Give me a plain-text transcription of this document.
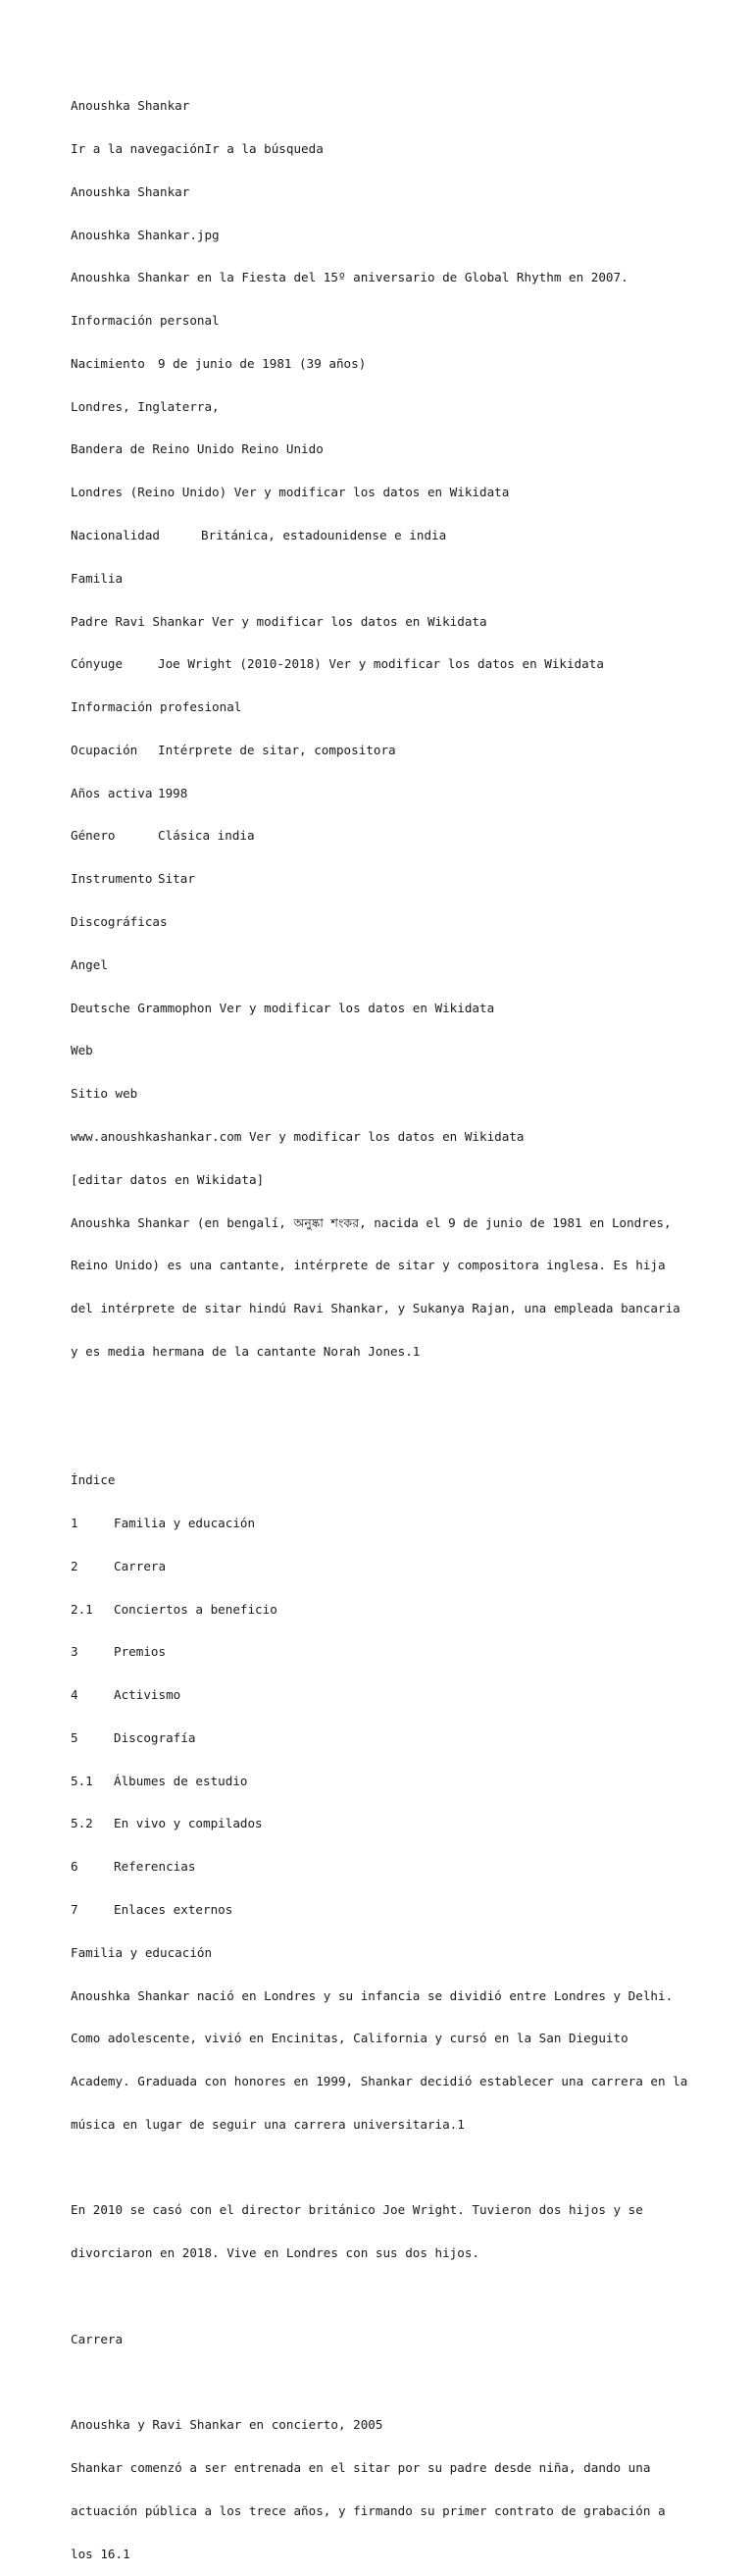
Anoushka Shankar

Ir a la navegaciónIr a la búsqueda

Anoushka Shankar

Anoushka Shankar.jpg

Anoushka Shankar en la Fiesta del 15º aniversario de Global Rhythm en 2007.

Información personal

Nacimiento 9 de junio de 1981 (39 años)

Londres, Inglaterra,

Bandera de Reino Unido Reino Unido

Londres (Reino Unido) Ver y modificar los datos en Wikidata

Nacionalidad	Británica, estadounidense e india

Familia

Padre Ravi Shankar Ver y modificar los datos en Wikidata

Cónyuge	Joe Wright (2010-2018) Ver y modificar los datos en Wikidata

Información profesional

Ocupación Intérprete de sitar, compositora

Años activa 1998

Género	Clásica india

Instrumento Sitar

Discográficas

Angel

Deutsche Grammophon Ver y modificar los datos en Wikidata

Web

Sitio web

www.anoushkashankar.com Ver y modificar los datos en Wikidata

[editar datos en Wikidata]

Anoushka Shankar (en bengalí, অনুষ্কা শংকর, nacida el 9 de junio de 1981 en Londres,

Reino Unido) es una cantante, intérprete de sitar y compositora inglesa. Es hija

del intérprete de sitar hindú Ravi Shankar, y Sukanya Rajan, una empleada bancaria

y es media hermana de la cantante Norah Jones.1

Índice

1	Familia y educación

2	Carrera

2.1 Conciertos a beneficio

3	Premios

4	Activismo

5	Discografía

5.1 Álbumes de estudio

5.2 En vivo y compilados

6	Referencias

7	Enlaces externos

Familia y educación

Anoushka Shankar nació en Londres y su infancia se dividió entre Londres y Delhi.

Como adolescente, vivió en Encinitas, California y cursó en la San Dieguito

Academy. Graduada con honores en 1999, Shankar decidió establecer una carrera en la

música en lugar de seguir una carrera universitaria.1

En 2010 se casó con el director británico Joe Wright. Tuvieron dos hijos y se

divorciaron en 2018. Vive en Londres con sus dos hijos.

Carrera

Anoushka y Ravi Shankar en concierto, 2005

Shankar comenzó a ser entrenada en el sitar por su padre desde niña, dando una

actuación pública a los trece años, y firmando su primer contrato de grabación a

los 16.1
